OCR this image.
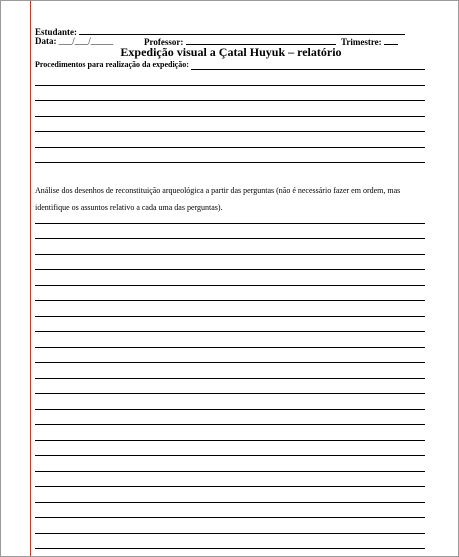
Estudante:
Data: ___/___/_____	Professor:	Trimestre:
Expedição visual a Çatal Huyuk – relatório
Procedimentos para realização da expedição:
Análise dos desenhos de reconstituição arqueológica a partir das perguntas (não é necessário fazer em ordem, mas identifique os assuntos relativo a cada uma das perguntas).
